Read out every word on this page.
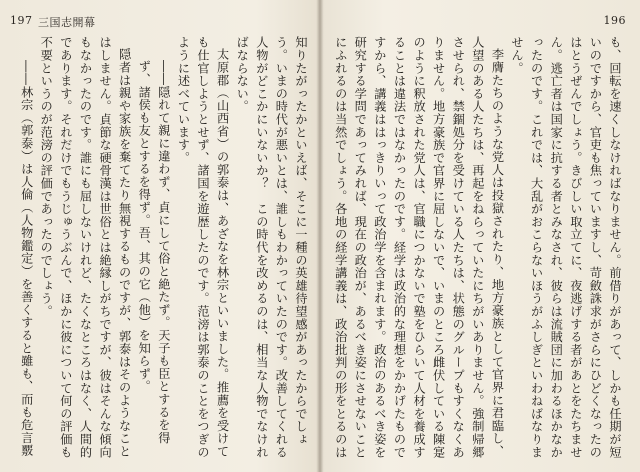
197 三国志開幕	196

も、回転を速くしなければなりません。前借りがあって、しかも任期が短いのですから、官吏も焦っていますし、苛斂誅求がさらにひどくなったのはとうぜんでしょう。きびしい取立てに、夜逃げする者があとをたちません。逃亡者は国家に抗する者とみなされ、彼らは流賊団に加わるほかなかったのです。これでは、大乱がおこらないほうがふしぎといわねばなりません。

李膺たちのような党人は投獄されたり、地方豪族として官界に君臨し、人望のある人たちは、再起をねらっていたにちがいありません。強制帰郷させられ、禁錮処分を受けている人たちは、状態のグループもすくなくありません。地方豪族で官界に屈しないで、いまのところ雌伏している陳寔のように釈放された党人は、官職につかないで塾をひらいて人材を養成することは違法ではなかったのです。経学は政治的な理想をかかげたものですから、講義ははっきりいって政治学を含まれます。政治のあるべき姿を研究する学問であってみれば、現在の政治が、あるべき姿にさせないことにふれるのは当然でしょう。各地の経学講義は、政治批判の形をとるのは

知りたがったかといえば、そこに一種の英雄待望感があったからでしょう。いまの時代が悪いとは、誰しもわかっていたのです。改善してくれる人物がどこかにいないか？　この時代を改めるのは、相当な人物でなければならない。

太原郡（山西省）の郭泰は、あざなを林宗といいました。推薦を受けても仕官しようとせず、諸国を遊歴したのです。范滂は郭泰のことをつぎのように述べています。

――隠れて親に違わず、貞にして俗と絶たず。天子も臣とするを得ず、諸侯も友とするを得ず。吾、其の它（他）を知らず。

隠者は親や家族を棄てたり無視するものですが、郭泰はそのようなことはしません。貞節な硬骨漢は世俗とは絶縁しがちですが、彼はそんな傾向もなかったのです。誰にも屈しないけれど、たくなところはなく、人間的であります。それだけでもうじゅうぶんで、ほかに彼について何の評価も不要というのが范滂の評価であったのでしょう。

――林宗（郭泰）は人倫（人物鑑定）を善くすると雖も、而も危言覈
